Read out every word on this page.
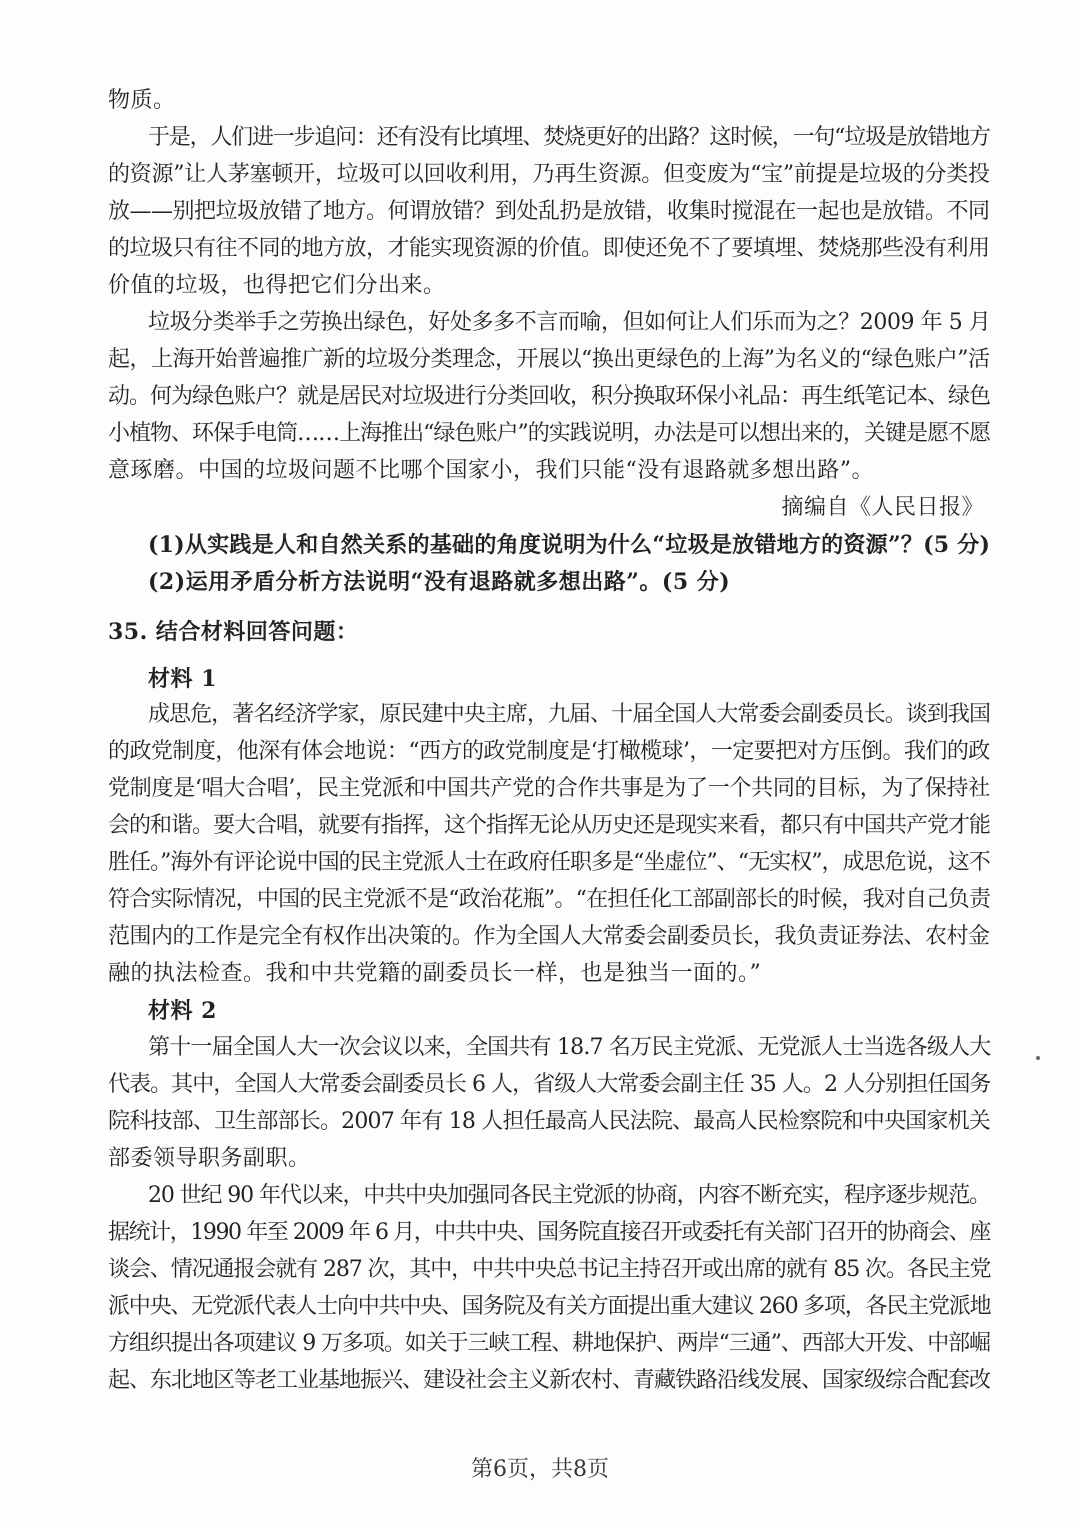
物质。
于是，人们进一步追问：还有没有比填埋、焚烧更好的出路？这时候，一句“垃圾是放错地方
的资源”让人茅塞顿开，垃圾可以回收利用，乃再生资源。但变废为“宝”前提是垃圾的分类投
放——别把垃圾放错了地方。何谓放错？到处乱扔是放错，收集时搅混在一起也是放错。不同
的垃圾只有往不同的地方放，才能实现资源的价值。即使还免不了要填埋、焚烧那些没有利用
价值的垃圾，也得把它们分出来。
垃圾分类举手之劳换出绿色，好处多多不言而喻，但如何让人们乐而为之？2009 年 5 月
起，上海开始普遍推广新的垃圾分类理念，开展以“换出更绿色的上海”为名义的“绿色账户”活
动。何为绿色账户？就是居民对垃圾进行分类回收，积分换取环保小礼品：再生纸笔记本、绿色
小植物、环保手电筒……上海推出“绿色账户”的实践说明，办法是可以想出来的，关键是愿不愿
意琢磨。中国的垃圾问题不比哪个国家小，我们只能“没有退路就多想出路”。
摘编自《人民日报》
(1)从实践是人和自然关系的基础的角度说明为什么“垃圾是放错地方的资源”？(5 分)
(2)运用矛盾分析方法说明“没有退路就多想出路”。(5 分)
35. 结合材料回答问题：
材料 1
成思危，著名经济学家，原民建中央主席，九届、十届全国人大常委会副委员长。谈到我国
的政党制度，他深有体会地说：“西方的政党制度是‘打橄榄球’，一定要把对方压倒。我们的政
党制度是‘唱大合唱’，民主党派和中国共产党的合作共事是为了一个共同的目标，为了保持社
会的和谐。要大合唱，就要有指挥，这个指挥无论从历史还是现实来看，都只有中国共产党才能
胜任。”海外有评论说中国的民主党派人士在政府任职多是“坐虚位”、“无实权”，成思危说，这不
符合实际情况，中国的民主党派不是“政治花瓶”。“在担任化工部副部长的时候，我对自己负责
范围内的工作是完全有权作出决策的。作为全国人大常委会副委员长，我负责证券法、农村金
融的执法检查。我和中共党籍的副委员长一样，也是独当一面的。”
材料 2
第十一届全国人大一次会议以来，全国共有 18.7 名万民主党派、无党派人士当选各级人大
代表。其中，全国人大常委会副委员长 6 人，省级人大常委会副主任 35 人。2 人分别担任国务
院科技部、卫生部部长。2007 年有 18 人担任最高人民法院、最高人民检察院和中央国家机关
部委领导职务副职。
20 世纪 90 年代以来，中共中央加强同各民主党派的协商，内容不断充实，程序逐步规范。
据统计，1990 年至 2009 年 6 月，中共中央、国务院直接召开或委托有关部门召开的协商会、座
谈会、情况通报会就有 287 次，其中，中共中央总书记主持召开或出席的就有 85 次。各民主党
派中央、无党派代表人士向中共中央、国务院及有关方面提出重大建议 260 多项，各民主党派地
方组织提出各项建议 9 万多项。如关于三峡工程、耕地保护、两岸“三通”、西部大开发、中部崛
起、东北地区等老工业基地振兴、建设社会主义新农村、青藏铁路沿线发展、国家级综合配套改
第6页，共8页
